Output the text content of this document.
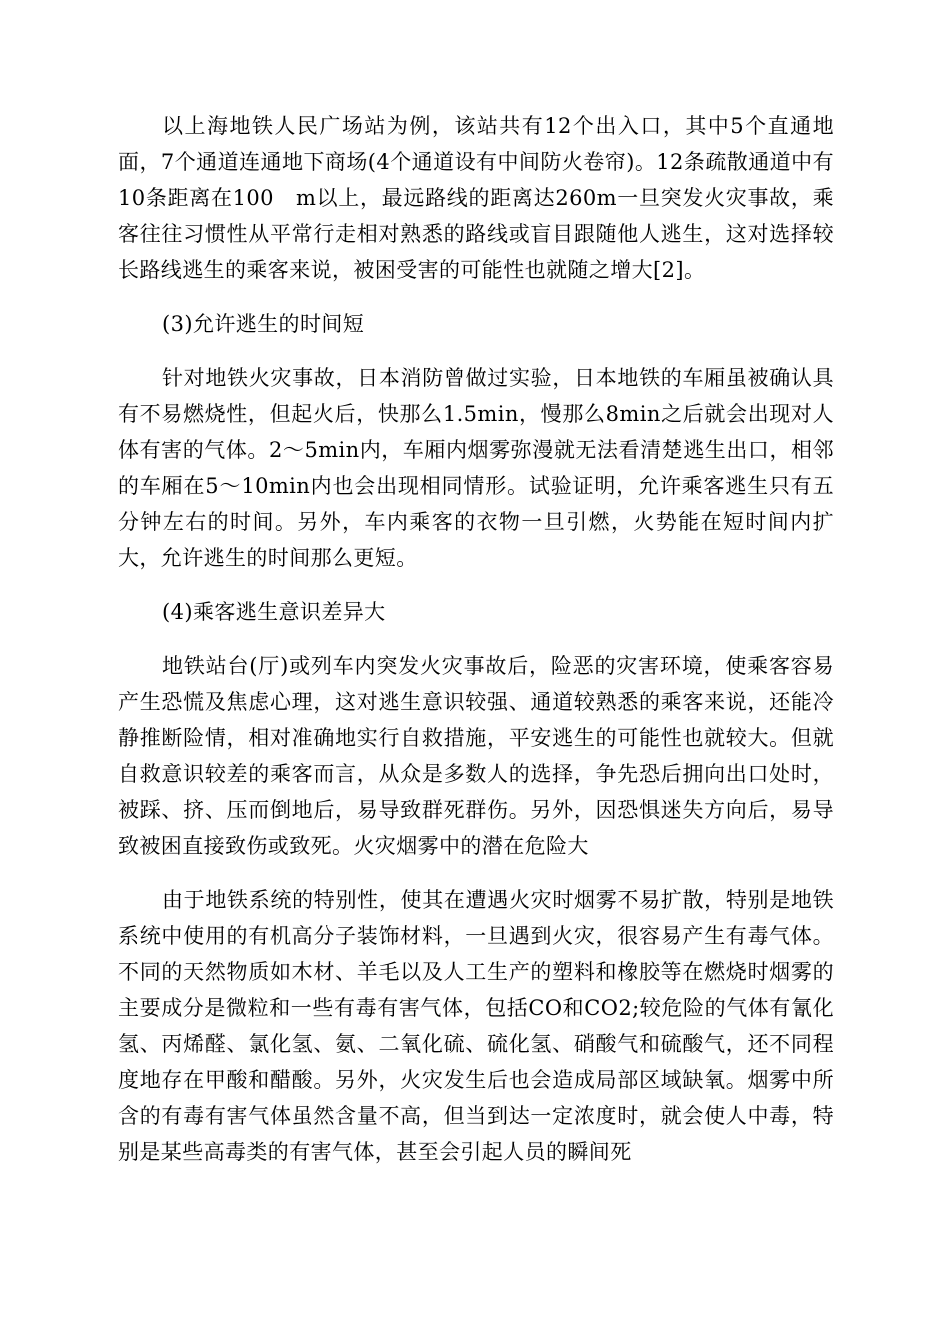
以上海地铁人民广场站为例，该站共有12个出入口，其中5个直通地面，7个通道连通地下商场(4个通道设有中间防火卷帘)。12条疏散通道中有10条距离在100　m以上，最远路线的距离达260m一旦突发火灾事故，乘客往往习惯性从平常行走相对熟悉的路线或盲目跟随他人逃生，这对选择较长路线逃生的乘客来说，被困受害的可能性也就随之增大[2]。

(3)允许逃生的时间短

针对地铁火灾事故，日本消防曾做过实验，日本地铁的车厢虽被确认具有不易燃烧性，但起火后，快那么1.5min，慢那么8min之后就会出现对人体有害的气体。2～5min内，车厢内烟雾弥漫就无法看清楚逃生出口，相邻的车厢在5～10min内也会出现相同情形。试验证明，允许乘客逃生只有五分钟左右的时间。另外，车内乘客的衣物一旦引燃，火势能在短时间内扩大，允许逃生的时间那么更短。

(4)乘客逃生意识差异大

地铁站台(厅)或列车内突发火灾事故后，险恶的灾害环境，使乘客容易产生恐慌及焦虑心理，这对逃生意识较强、通道较熟悉的乘客来说，还能冷静推断险情，相对准确地实行自救措施，平安逃生的可能性也就较大。但就自救意识较差的乘客而言，从众是多数人的选择，争先恐后拥向出口处时，被踩、挤、压而倒地后，易导致群死群伤。另外，因恐惧迷失方向后，易导致被困直接致伤或致死。火灾烟雾中的潜在危险大

由于地铁系统的特别性，使其在遭遇火灾时烟雾不易扩散，特别是地铁系统中使用的有机高分子装饰材料，一旦遇到火灾，很容易产生有毒气体。不同的天然物质如木材、羊毛以及人工生产的塑料和橡胶等在燃烧时烟雾的主要成分是微粒和一些有毒有害气体，包括CO和CO2;较危险的气体有氰化氢、丙烯醛、氯化氢、氨、二氧化硫、硫化氢、硝酸气和硫酸气，还不同程度地存在甲酸和醋酸。另外，火灾发生后也会造成局部区域缺氧。烟雾中所含的有毒有害气体虽然含量不高，但当到达一定浓度时，就会使人中毒，特别是某些高毒类的有害气体，甚至会引起人员的瞬间死
